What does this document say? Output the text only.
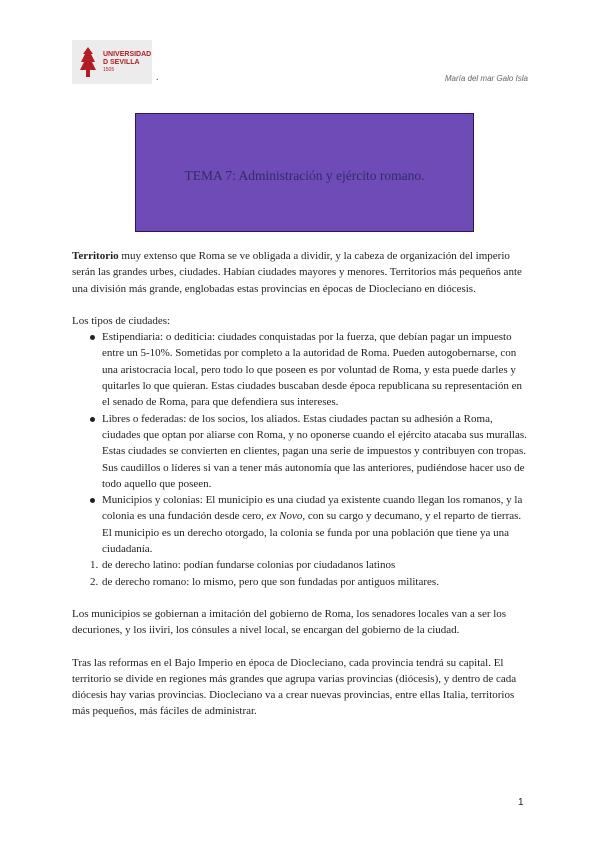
UNIVERSIDAD
D SEVILLA
1505
.	María del mar Galo Isla
TEMA 7: Administración y ejército romano.

Territorio muy extenso que Roma se ve obligada a dividir, y la cabeza de organización del imperio serán las grandes urbes, ciudades. Habían ciudades mayores y menores. Territorios más pequeños ante una división más grande, englobadas estas provincias en épocas de Diocleciano en diócesis.

Los tipos de ciudades:

Estipendiaria: o dediticia: ciudades conquistadas por la fuerza, que debían pagar un impuesto entre un 5-10%. Sometidas por completo a la autoridad de Roma. Pueden autogobernarse, con una aristocracia local, pero todo lo que poseen es por voluntad de Roma, y esta puede darles y quitarles lo que quieran. Estas ciudades buscaban desde época republicana su representación en el senado de Roma, para que defendiera sus intereses.
Libres o federadas: de los socios, los aliados. Estas ciudades pactan su adhesión a Roma, ciudades que optan por aliarse con Roma, y no oponerse cuando el ejército atacaba sus murallas. Estas ciudades se convierten en clientes, pagan una serie de impuestos y contribuyen con tropas. Sus caudillos o líderes si van a tener más autonomía que las anteriores, pudiéndose hacer uso de todo aquello que poseen.
Municipios y colonias: El municipio es una ciudad ya existente cuando llegan los romanos, y la colonia es una fundación desde cero, ex Novo, con su cargo y decumano, y el reparto de tierras. El municipio es un derecho otorgado, la colonia se funda por una población que tiene ya una ciudadanía.
1. de derecho latino: podían fundarse colonias por ciudadanos latinos
2. de derecho romano: lo mismo, pero que son fundadas por antiguos militares.

Los municipios se gobiernan a imitación del gobierno de Roma, los senadores locales van a ser los decuriones, y los iiviri, los cónsules a nivel local, se encargan del gobierno de la ciudad.

Tras las reformas en el Bajo Imperio en época de Diocleciano, cada provincia tendrá su capital. El territorio se divide en regiones más grandes que agrupa varias provincias (diócesis), y dentro de cada diócesis hay varias provincias. Diocleciano va a crear nuevas provincias, entre ellas Italia, territorios más pequeños, más fáciles de administrar.

1
